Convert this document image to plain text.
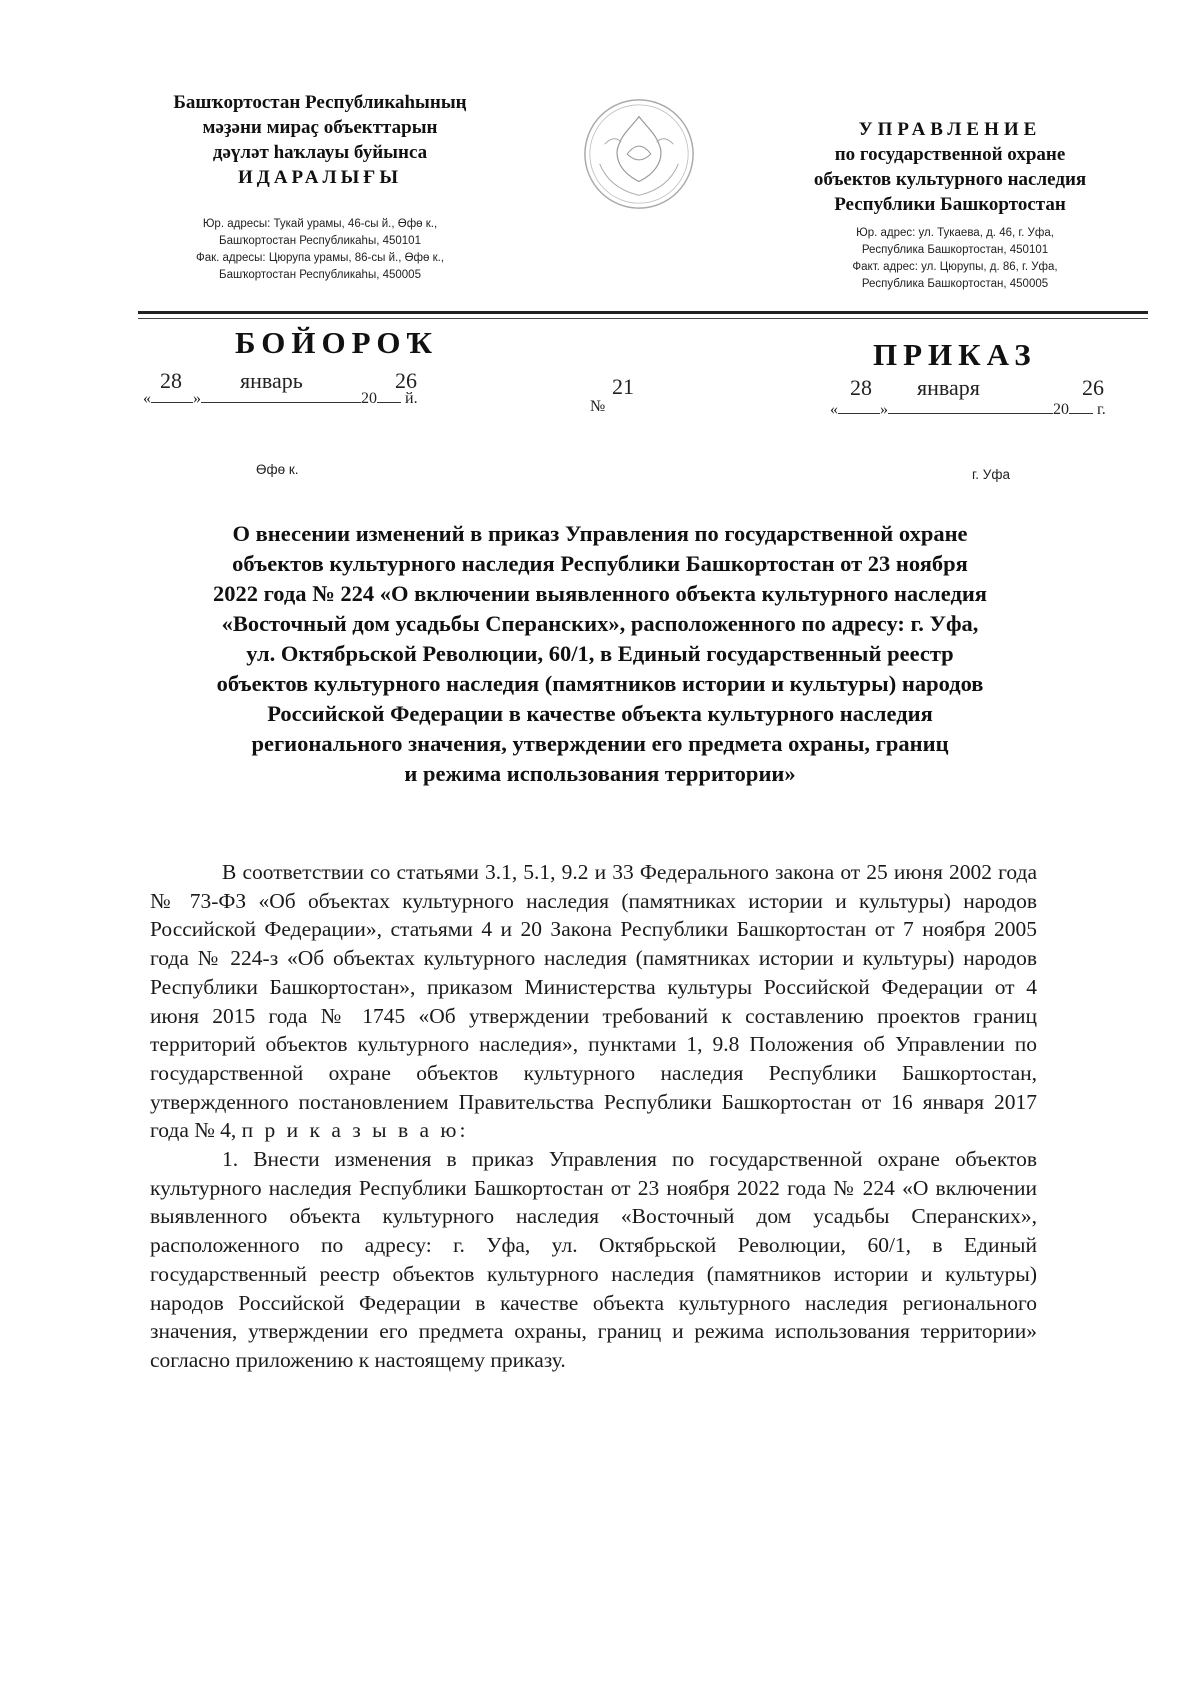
Башҡортостан Республикаһының
мәҙәни мираҫ объекттарын
дәүләт һаҡлауы буйынса
ИДАРАЛЫҒЫ
Юр. адресы: Тукай урамы, 46-сы й., Өфө к.,
Башҡортостан Республикаһы, 450101
Фак. адресы: Цюрупа урамы, 86-сы й., Өфө к.,
Башҡортостан Республикаһы, 450005
УПРАВЛЕНИЕ
по государственной охране
объектов культурного наследия
Республики Башкортостан
Юр. адрес: ул. Тукаева, д. 46, г. Уфа,
Республика Башкортостан, 450101
Факт. адрес: ул. Цюрупы, д. 86, г. Уфа,
Республика Башкортостан, 450005
БОЙОРОҠ
28	январь	26
«	»	20 й.
Өфө к.
№
21
ПРИКАЗ
28 января	26
«	»	20 г.
г. Уфа
О внесении изменений в приказ Управления по государственной охране
объектов культурного наследия Республики Башкортостан от 23 ноября
2022 года № 224 «О включении выявленного объекта культурного наследия
«Восточный дом усадьбы Сперанских», расположенного по адресу: г. Уфа,
ул. Октябрьской Революции, 60/1, в Единый государственный реестр
объектов культурного наследия (памятников истории и культуры) народов
Российской Федерации в качестве объекта культурного наследия
регионального значения, утверждении его предмета охраны, границ
и режима использования территории»

В соответствии со статьями 3.1, 5.1, 9.2 и 33 Федерального закона от 25 июня 2002 года № 73-ФЗ «Об объектах культурного наследия (памятниках истории и культуры) народов Российской Федерации», статьями 4 и 20 Закона Республики Башкортостан от 7 ноября 2005 года № 224-з «Об объектах культурного наследия (памятниках истории и культуры) народов Республики Башкортостан», приказом Министерства культуры Российской Федерации от 4 июня 2015 года № 1745 «Об утверждении требований к составлению проектов границ территорий объектов культурного наследия», пунктами 1, 9.8 Положения об Управлении по государственной охране объектов культурного наследия Республики Башкортостан, утвержденного постановлением Правительства Республики Башкортостан от 16 января 2017 года № 4, п р и к а з ы в а ю:

1. Внести изменения в приказ Управления по государственной охране объектов культурного наследия Республики Башкортостан от 23 ноября 2022 года № 224 «О включении выявленного объекта культурного наследия «Восточный дом усадьбы Сперанских», расположенного по адресу: г. Уфа, ул. Октябрьской Революции, 60/1, в Единый государственный реестр объектов культурного наследия (памятников истории и культуры) народов Российской Федерации в качестве объекта культурного наследия регионального значения, утверждении его предмета охраны, границ и режима использования территории» согласно приложению к настоящему приказу.
